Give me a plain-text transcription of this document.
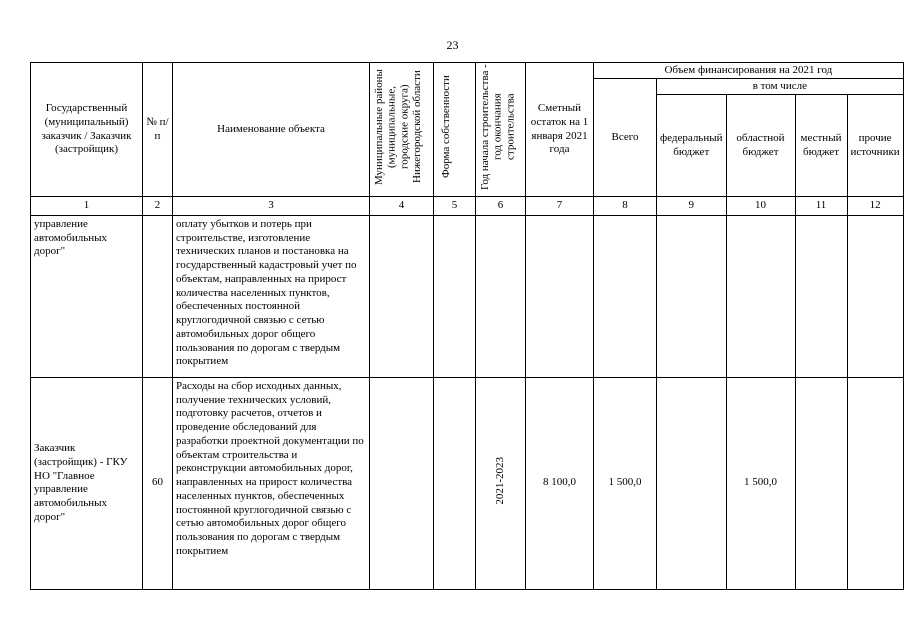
23
Государственный (муниципальный) заказчик / Заказчик (застройщик)	№ п/п	Наименование объекта	Муниципальные районы (муниципальные, городские округа) Нижегородской области	Форма собственности	Год начала строительства - год окончания строительства	Сметный остаток на 1 января 2021 года	Объем финансирования на 2021 год				
							Всего	в том числе			
								федеральный бюджет	областной бюджет	местный бюджет	прочие источники
1	2	3	4	5	6	7	8	9	10	11	12
управление автомобильных дорог"		оплату убытков и потерь при строительстве, изготовление технических планов и постановка на государственный кадастровый учет по объектам, направленных на прирост количества населенных пунктов, обеспеченных постоянной круглогодичной связью с сетью автомобильных дорог общего пользования по дорогам с твердым покрытием									
Заказчик (застройщик) - ГКУ НО "Главное управление автомобильных дорог"	60	Расходы на сбор исходных данных, получение технических условий, подготовку расчетов, отчетов и проведение обследований для разработки проектной документации по объектам строительства и реконструкции автомобильных дорог, направленных на прирост количества населенных пунктов, обеспеченных постоянной круглогодичной связью с сетью автомобильных дорог общего пользования по дорогам с твердым покрытием			2021-2023	8 100,0	1 500,0		1 500,0		
